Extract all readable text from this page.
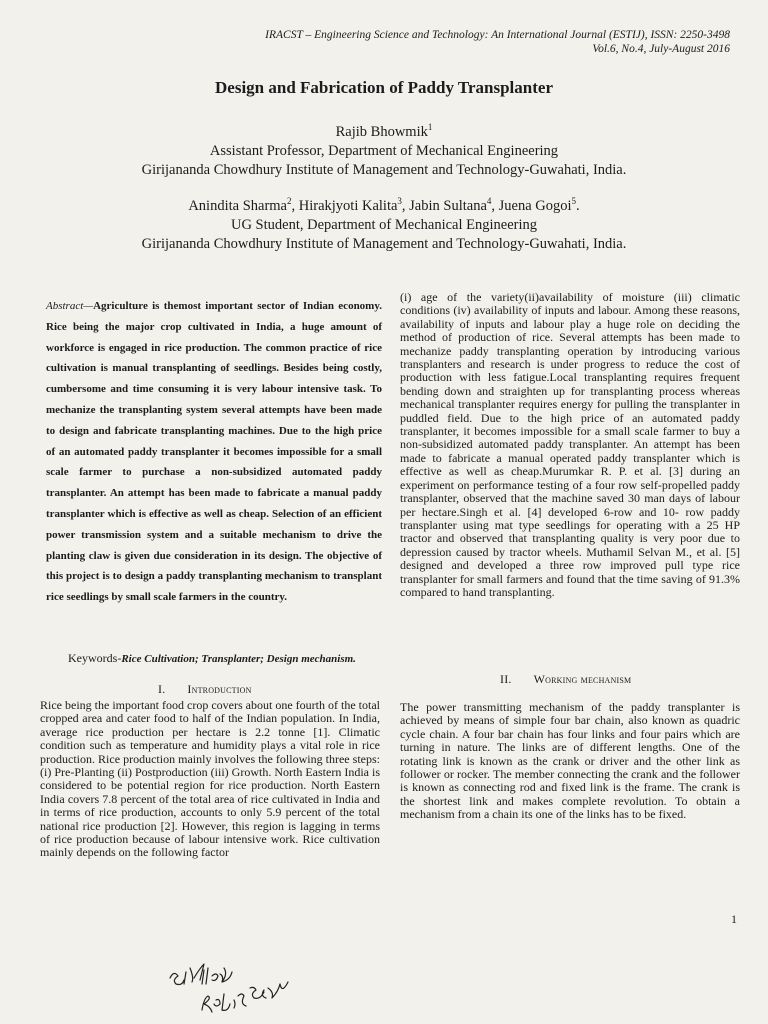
IRACST – Engineering Science and Technology: An International Journal (ESTIJ), ISSN: 2250-3498
Vol.6, No.4, July-August 2016
Design and Fabrication of Paddy Transplanter
Rajib Bhowmik$^1$
Assistant Professor, Department of Mechanical Engineering
Girijananda Chowdhury Institute of Management and Technology-Guwahati, India.
Anindita Sharma$^2$, Hirakjyoti Kalita$^3$, Jabin Sultana$^4$, Juena Gogoi$^5$.
UG Student, Department of Mechanical Engineering
Girijananda Chowdhury Institute of Management and Technology-Guwahati, India.
Abstract—Agriculture is themost important sector of Indian economy. Rice being the major crop cultivated in India, a huge amount of workforce is engaged in rice production. The common practice of rice cultivation is manual transplanting of seedlings. Besides being costly, cumbersome and time consuming it is very labour intensive task. To mechanize the transplanting system several attempts have been made to design and fabricate transplanting machines. Due to the high price of an automated paddy transplanter it becomes impossible for a small scale farmer to purchase a non-subsidized automated paddy transplanter. An attempt has been made to fabricate a manual paddy transplanter which is effective as well as cheap. Selection of an efficient power transmission system and a suitable mechanism to drive the planting claw is given due consideration in its design. The objective of this project is to design a paddy transplanting mechanism to transplant rice seedlings by small scale farmers in the country.
(i) age of the variety(ii)availability of moisture (iii) climatic conditions (iv) availability of inputs and labour. Among these reasons, availability of inputs and labour play a huge role on deciding the method of production of rice. Several attempts has been made to mechanize paddy transplanting operation by introducing various transplanters and research is under progress to reduce the cost of production with less fatigue.Local transplanting requires frequent bending down and straighten up for transplanting process whereas mechanical transplanter requires energy for pulling the transplanter in puddled field. Due to the high price of an automated paddy transplanter, it becomes impossible for a small scale farmer to buy a non-subsidized automated paddy transplanter. An attempt has been made to fabricate a manual operated paddy transplanter which is effective as well as cheap.Murumkar R. P. et al. [3] during an experiment on performance testing of a four row self-propelled paddy transplanter, observed that the machine saved 30 man days of labour per hectare.Singh et al. [4] developed 6-row and 10- row paddy transplanter using mat type seedlings for operating with a 25 HP tractor and observed that transplanting quality is very poor due to depression caused by tractor wheels. Muthamil Selvan M., et al. [5] designed and developed a three row improved pull type rice transplanter for small farmers and found that the time saving of 91.3% compared to hand transplanting.
Keywords-Rice Cultivation; Transplanter; Design mechanism.
I. Introduction
Rice being the important food crop covers about one fourth of the total cropped area and cater food to half of the Indian population. In India, average rice production per hectare is 2.2 tonne [1]. Climatic condition such as temperature and humidity plays a vital role in rice production. Rice production mainly involves the following three steps: (i) Pre-Planting (ii) Postproduction (iii) Growth. North Eastern India is considered to be potential region for rice production. North Eastern India covers 7.8 percent of the total area of rice cultivated in India and in terms of rice production, accounts to only 5.9 percent of the total national rice production [2]. However, this region is lagging in terms of rice production because of labour intensive work. Rice cultivation mainly depends on the following factor
II. Working mechanism
The power transmitting mechanism of the paddy transplanter is achieved by means of simple four bar chain, also known as quadric cycle chain. A four bar chain has four links and four pairs which are turning in nature. The links are of different lengths. One of the rotating link is known as the crank or driver and the other link as follower or rocker. The member connecting the crank and the follower is known as connecting rod and fixed link is the frame. The crank is the shortest link and makes complete revolution. To obtain a mechanism from a chain its one of the links has to be fixed.
1
